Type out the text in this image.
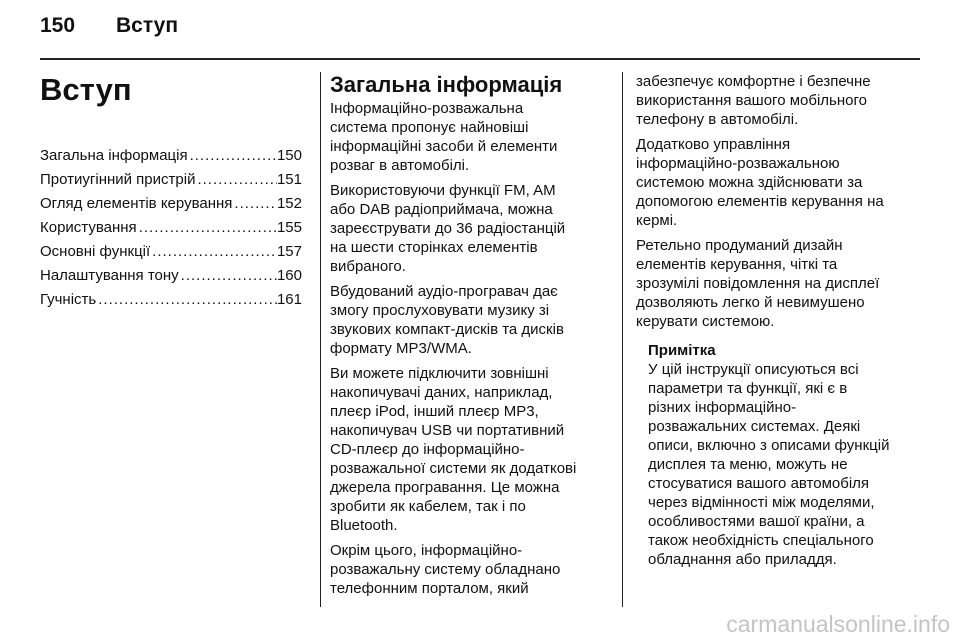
150 Вступ
Вступ
Загальна інформація .....	150
Протиугінний пристрій .....	151
Огляд елементів керування .....	152
Користування .....	155
Основні функції .....	157
Налаштування тону .....	160
Гучність .....	161
Загальна інформація
Інформаційно-розважальна
система пропонує найновіші
інформаційні засоби й елементи
розваг в автомобілі.
Використовуючи функції FM, AM
або DAB радіоприймача, можна
зареєструвати до 36 радіостанцій
на шести сторінках елементів
вибраного.
Вбудований аудіо-програвач дає
змогу прослуховувати музику зі
звукових компакт-дисків та дисків
формату MP3/WMA.
Ви можете підключити зовнішні
накопичувачі даних, наприклад,
плеєр iPod, інший плеєр MP3,
накопичувач USB чи портативний
CD-плеєр до інформаційно-
розважальної системи як додаткові
джерела програвання. Це можна
зробити як кабелем, так і по
Bluetooth.
Окрім цього, інформаційно-
розважальну систему обладнано
телефонним порталом, який
забезпечує комфортне і безпечне
використання вашого мобільного
телефону в автомобілі.
Додатково управління
інформаційно-розважальною
системою можна здійснювати за
допомогою елементів керування на
кермі.
Ретельно продуманий дизайн
елементів керування, чіткі та
зрозумілі повідомлення на дисплеї
дозволяють легко й невимушено
керувати системою.
Примітка
У цій інструкції описуються всі
параметри та функції, які є в
різних інформаційно-
розважальних системах. Деякі
описи, включно з описами функцій
дисплея та меню, можуть не
стосуватися вашого автомобіля
через відмінності між моделями,
особливостями вашої країни, а
також необхідність спеціального
обладнання або приладдя.
carmanualsonline.info
